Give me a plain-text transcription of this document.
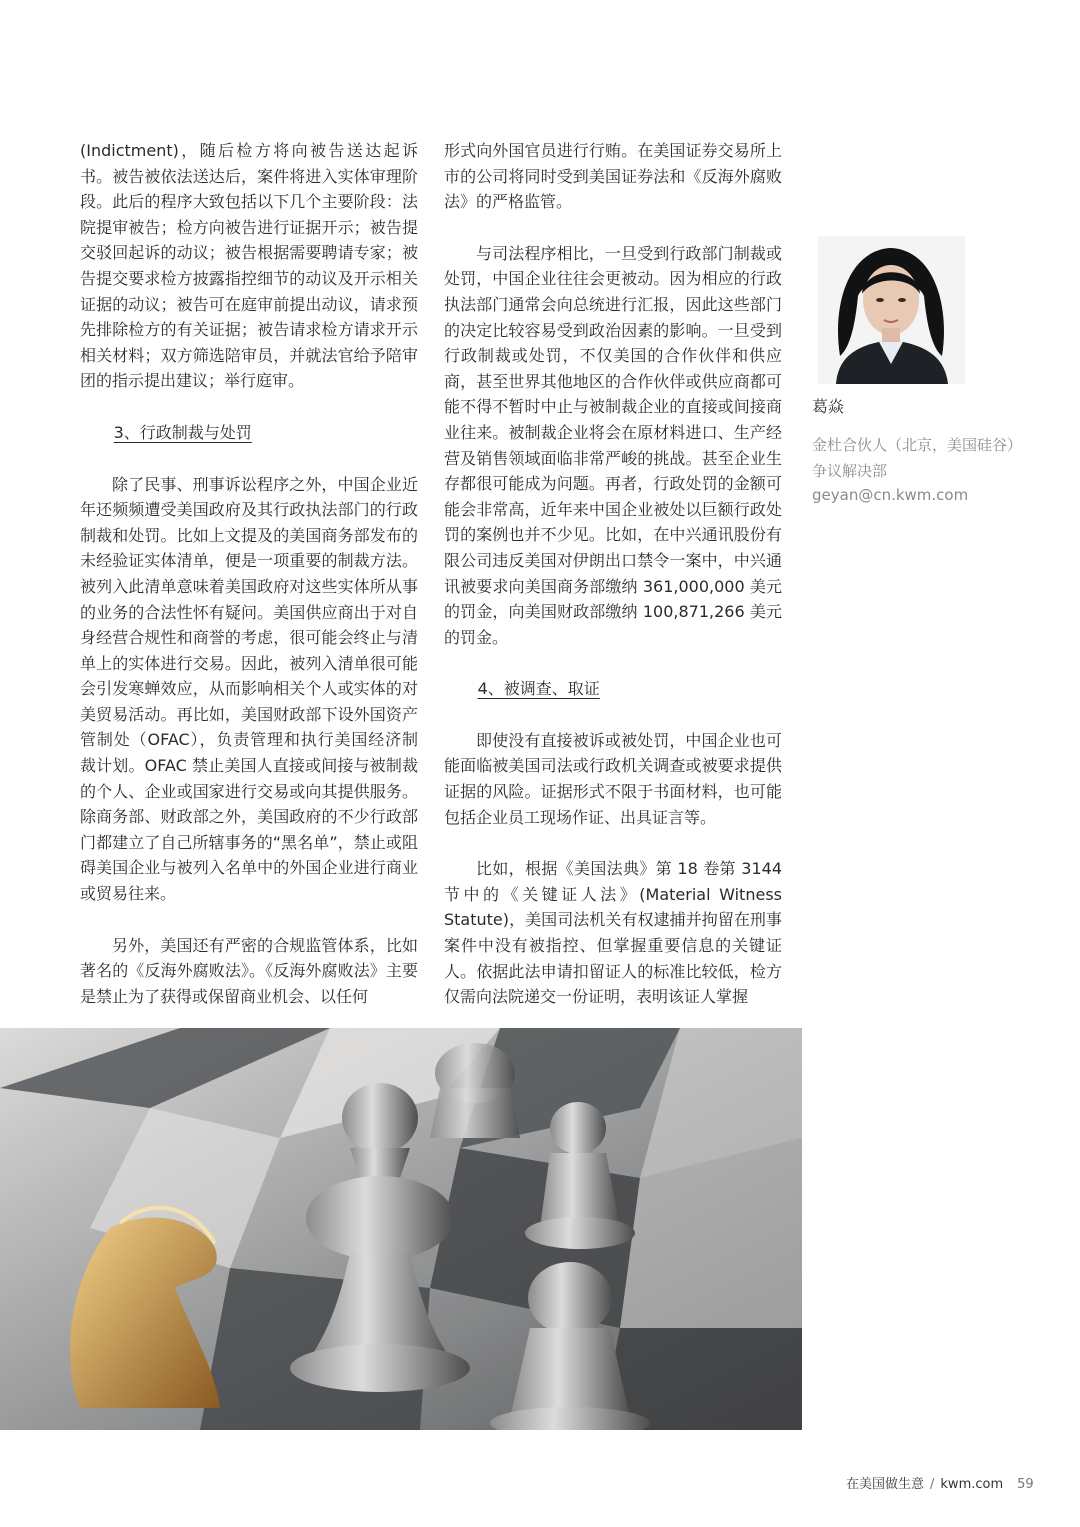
(Indictment)，随后检方将向被告送达起诉书。被告被依法送达后，案件将进入实体审理阶段。此后的程序大致包括以下几个主要阶段：法院提审被告；检方向被告进行证据开示；被告提交驳回起诉的动议；被告根据需要聘请专家；被告提交要求检方披露指控细节的动议及开示相关证据的动议；被告可在庭审前提出动议，请求预先排除检方的有关证据；被告请求检方请求开示相关材料；双方筛选陪审员，并就法官给予陪审团的指示提出建议；举行庭审。

3、行政制裁与处罚

除了民事、刑事诉讼程序之外，中国企业近年还频频遭受美国政府及其行政执法部门的行政制裁和处罚。比如上文提及的美国商务部发布的未经验证实体清单，便是一项重要的制裁方法。被列入此清单意味着美国政府对这些实体所从事的业务的合法性怀有疑问。美国供应商出于对自身经营合规性和商誉的考虑，很可能会终止与清单上的实体进行交易。因此，被列入清单很可能会引发寒蝉效应，从而影响相关个人或实体的对美贸易活动。再比如，美国财政部下设外国资产管制处（OFAC），负责管理和执行美国经济制裁计划。OFAC 禁止美国人直接或间接与被制裁的个人、企业或国家进行交易或向其提供服务。除商务部、财政部之外，美国政府的不少行政部门都建立了自己所辖事务的“黑名单”，禁止或阻碍美国企业与被列入名单中的外国企业进行商业或贸易往来。

另外，美国还有严密的合规监管体系，比如著名的《反海外腐败法》。《反海外腐败法》主要是禁止为了获得或保留商业机会、以任何

形式向外国官员进行行贿。在美国证券交易所上市的公司将同时受到美国证券法和《反海外腐败法》的严格监管。

与司法程序相比，一旦受到行政部门制裁或处罚，中国企业往往会更被动。因为相应的行政执法部门通常会向总统进行汇报，因此这些部门的决定比较容易受到政治因素的影响。一旦受到行政制裁或处罚，不仅美国的合作伙伴和供应商，甚至世界其他地区的合作伙伴或供应商都可能不得不暂时中止与被制裁企业的直接或间接商业往来。被制裁企业将会在原材料进口、生产经营及销售领域面临非常严峻的挑战。甚至企业生存都很可能成为问题。再者，行政处罚的金额可能会非常高，近年来中国企业被处以巨额行政处罚的案例也并不少见。比如，在中兴通讯股份有限公司违反美国对伊朗出口禁令一案中，中兴通讯被要求向美国商务部缴纳 361,000,000 美元的罚金，向美国财政部缴纳 100,871,266 美元的罚金。

4、被调查、取证

即使没有直接被诉或被处罚，中国企业也可能面临被美国司法或行政机关调查或被要求提供证据的风险。证据形式不限于书面材料，也可能包括企业员工现场作证、出具证言等。

比如，根据《美国法典》第 18 卷第 3144 节中的《关键证人法》(Material Witness Statute)，美国司法机关有权逮捕并拘留在刑事案件中没有被指控、但掌握重要信息的关键证人。依据此法申请扣留证人的标准比较低，检方仅需向法院递交一份证明，表明该证人掌握

葛焱
金杜合伙人（北京，美国硅谷）
争议解决部
geyan@cn.kwm.com
在美国做生意 / kwm.com 59
